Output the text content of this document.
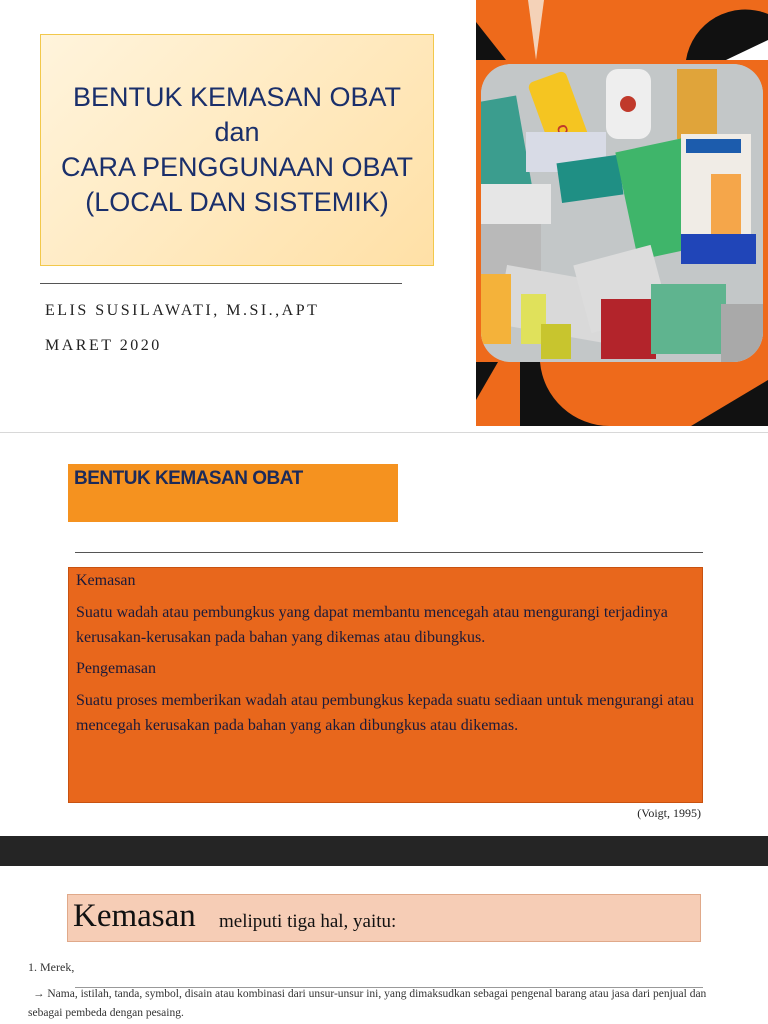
BENTUK KEMASAN OBAT
dan
CARA PENGGUNAAN OBAT
(LOCAL DAN SISTEMIK)
ELIS SUSILAWATI, M.SI.,APT
MARET 2020
BENTUK KEMASAN OBAT

Kemasan

Suatu wadah atau pembungkus yang dapat membantu mencegah atau mengurangi terjadinya kerusakan-kerusakan pada bahan yang dikemas atau dibungkus.

Pengemasan

Suatu proses memberikan wadah atau pembungkus kepada suatu sediaan untuk mengurangi atau mencegah kerusakan pada bahan yang akan dibungkus atau dikemas.

(Voigt, 1995)
Kemasan meliputi tiga hal, yaitu:
1. Merek,
→ Nama, istilah, tanda, symbol, disain atau kombinasi dari unsur-unsur ini, yang dimaksudkan sebagai pengenal barang atau jasa dari penjual dan sebagai pembeda dengan pesaing.
